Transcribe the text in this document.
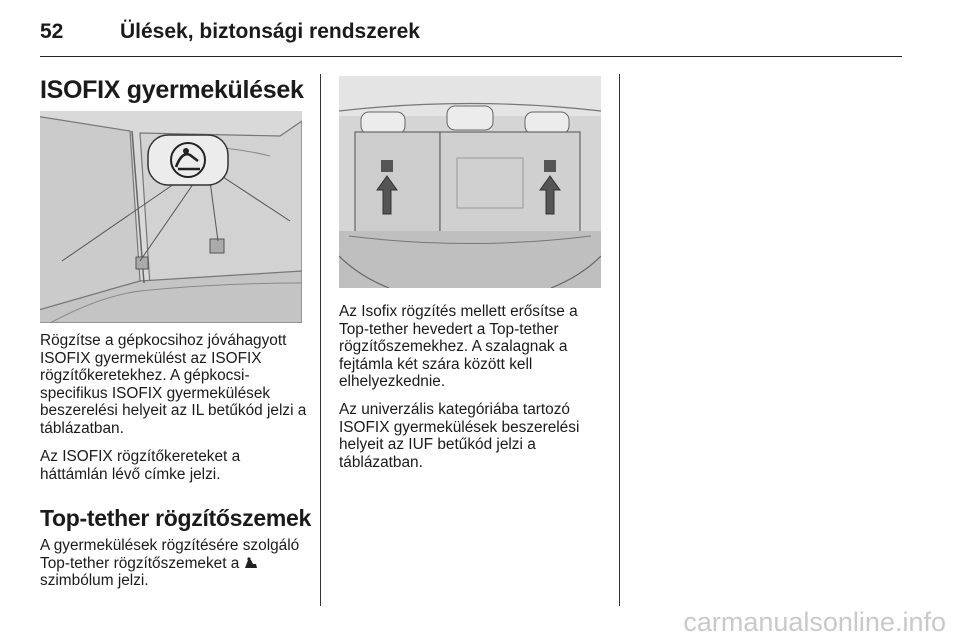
52	Ülések, biztonsági rendszerek
ISOFIX gyermekülések

Rögzítse a gépkocsihoz jóváhagyott ISOFIX gyermekülést az ISOFIX rögzítőkeretekhez. A gépkocsi-specifikus ISOFIX gyermekülések beszerelési helyeit az IL betűkód jelzi a táblázatban.

Az ISOFIX rögzítőkereteket a háttámlán lévő címke jelzi.

Top-tether rögzítőszemek

A gyermekülések rögzítésére szolgáló Top-tether rögzítőszemeket a  szimbólum jelzi.

Az Isofix rögzítés mellett erősítse a Top-tether hevedert a Top-tether rögzítőszemekhez. A szalagnak a fejtámla két szára között kell elhelyezkednie.

Az univerzális kategóriába tartozó ISOFIX gyermekülések beszerelési helyeit az IUF betűkód jelzi a táblázatban.

carmanualsonline.info
